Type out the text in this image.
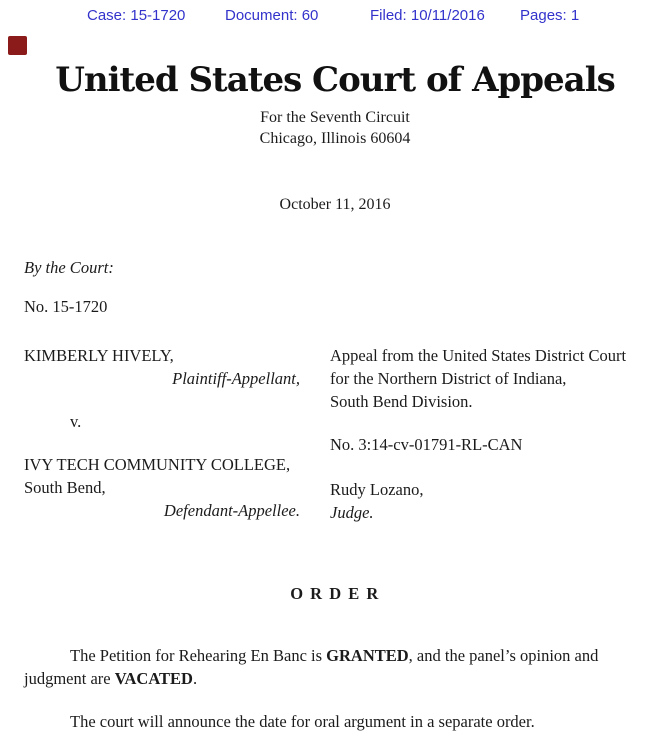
Case: 15-1720	Document: 60	Filed: 10/11/2016 Pages: 1
United States Court of Appeals
For the Seventh Circuit
Chicago, Illinois 60604
October 11, 2016
By the Court:
No. 15-1720
KIMBERLY HIVELY,
Plaintiff-Appellant,
v.
IVY TECH COMMUNITY COLLEGE,
South Bend,
Defendant-Appellee.
Appeal from the United States District Court
for the Northern District of Indiana,
South Bend Division.
No. 3:14-cv-01791-RL-CAN
Rudy Lozano,
Judge.
O R D E R
The Petition for Rehearing En Banc is GRANTED, and the panel’s opinion and judgment are VACATED.
The court will announce the date for oral argument in a separate order.
